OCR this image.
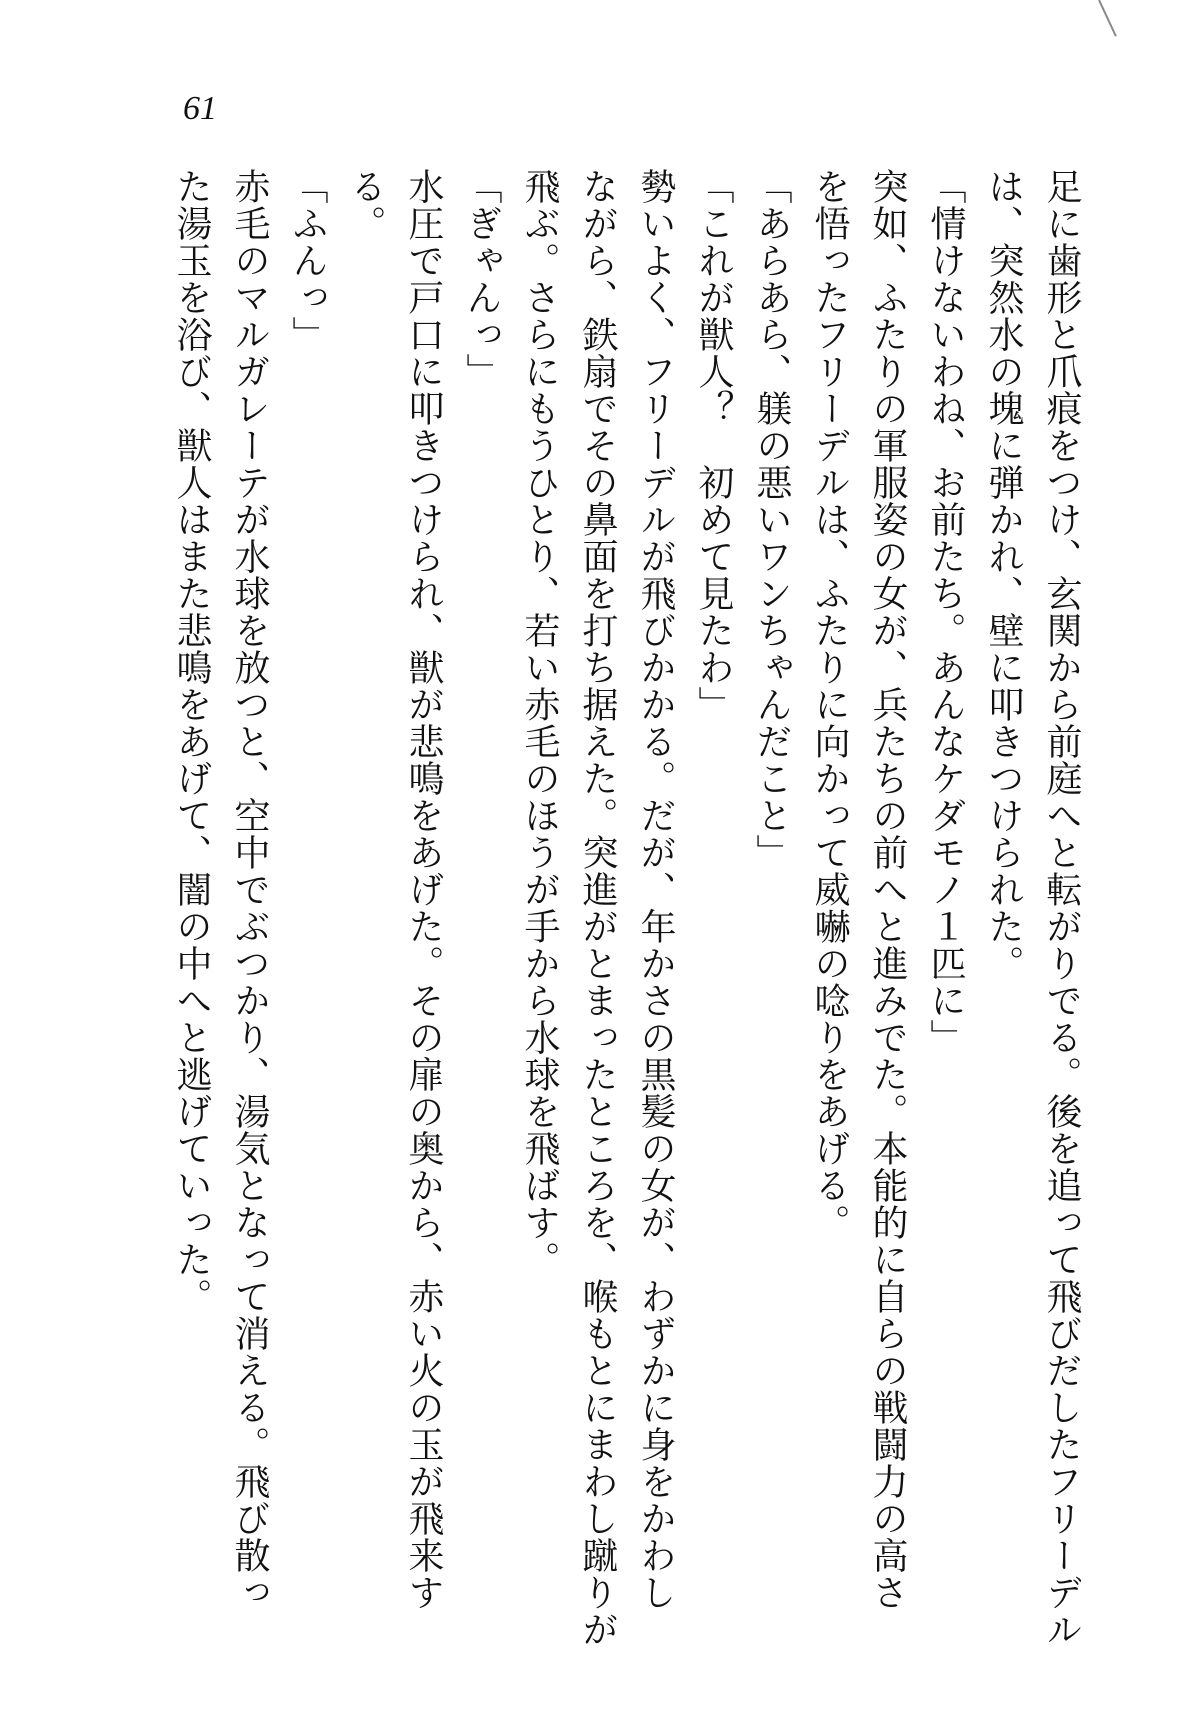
61
足に歯形と爪痕をつけ、玄関から前庭へと転がりでる。後を追って飛びだしたフリーデル
は、突然水の塊に弾かれ、壁に叩きつけられた。
「情けないわね、お前たち。あんなケダモノ１匹に」
突如、ふたりの軍服姿の女が、兵たちの前へと進みでた。本能的に自らの戦闘力の高さ
を悟ったフリーデルは、ふたりに向かって威嚇の唸りをあげる。
「あらあら、躾の悪いワンちゃんだこと」
「これが獣人？　初めて見たわ」
勢いよく、フリーデルが飛びかかる。だが、年かさの黒髪の女が、わずかに身をかわし
ながら、鉄扇でその鼻面を打ち据えた。突進がとまったところを、喉もとにまわし蹴りが
飛ぶ。さらにもうひとり、若い赤毛のほうが手から水球を飛ばす。
「ぎゃんっ」
水圧で戸口に叩きつけられ、獣が悲鳴をあげた。その扉の奥から、赤い火の玉が飛来す
る。
「ふんっ」
赤毛のマルガレーテが水球を放つと、空中でぶつかり、湯気となって消える。飛び散っ
た湯玉を浴び、獣人はまた悲鳴をあげて、闇の中へと逃げていった。
